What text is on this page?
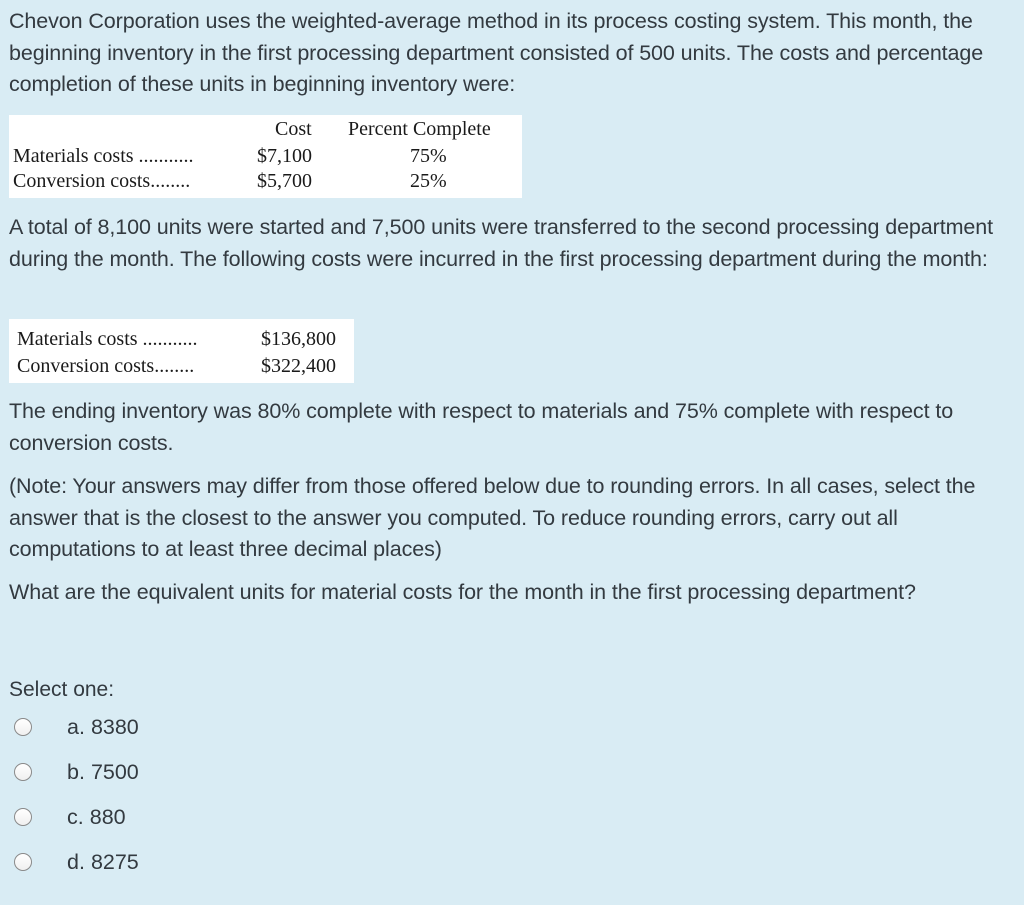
Chevon Corporation uses the weighted-average method in its process costing system. This month, the beginning inventory in the first processing department consisted of 500 units. The costs and percentage completion of these units in beginning inventory were:

Cost Percent Complete
Materials costs ...........	$7,100	75%
Conversion costs........	$5,700	25%

A total of 8,100 units were started and 7,500 units were transferred to the second processing department during the month. The following costs were incurred in the first processing department during the month:

Materials costs ...........	$136,800
Conversion costs........	$322,400

The ending inventory was 80% complete with respect to materials and 75% complete with respect to conversion costs.

(Note: Your answers may differ from those offered below due to rounding errors. In all cases, select the answer that is the closest to the answer you computed. To reduce rounding errors, carry out all computations to at least three decimal places)

What are the equivalent units for material costs for the month in the first processing department?

Select one:
a. 8380
b. 7500
c. 880
d. 8275
